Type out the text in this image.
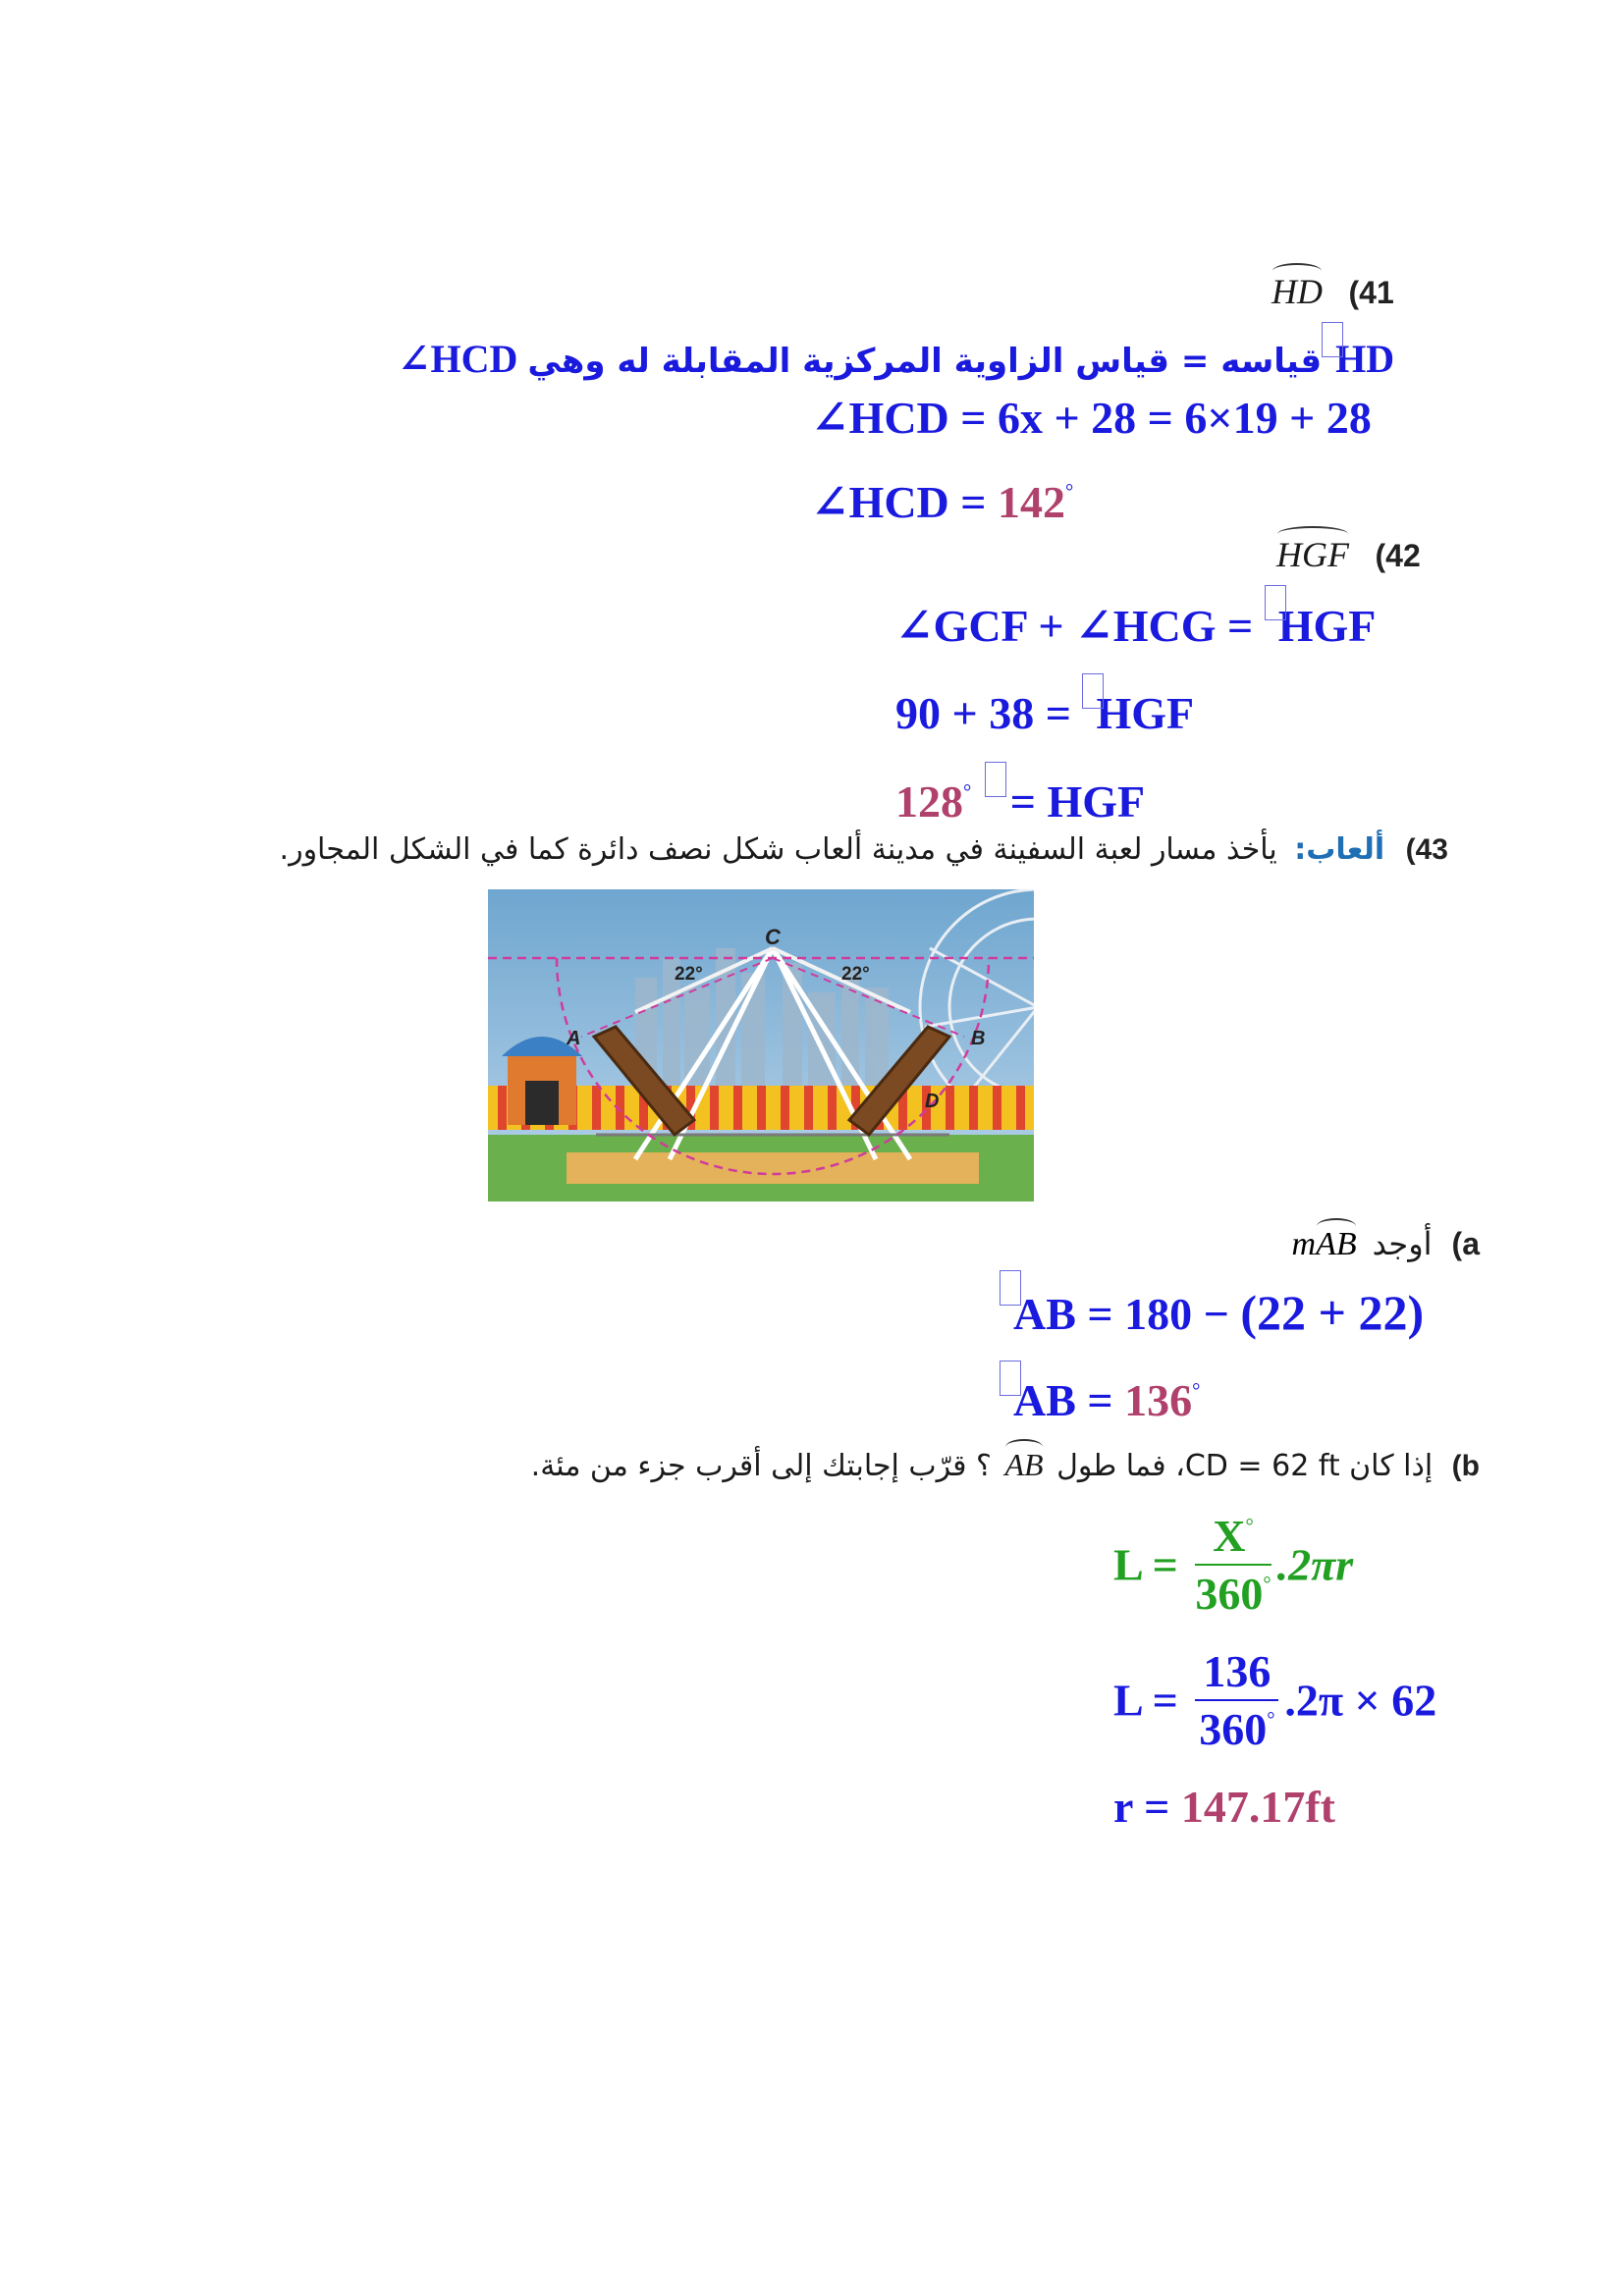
HD (41
∠HCD قياسه = قياس الزاوية المركزية المقابلة له وهي HD
∠HCD = 6x + 28 = 6×19 + 28
∠HCD = 142°
HGF (42
∠GCF + ∠HCG = HGF
90 + 38 = HGF
128° = HGF
43) ألعاب: يأخذ مسار لعبة السفينة في مدينة ألعاب شكل نصف دائرة كما في الشكل المجاور.
C
A	B
D
22°	22°
a) أوجد mAB
AB = 180 − (22 + 22)
AB = 136°
b) إذا كان CD = 62 ft، فما طول AB ؟ قرّب إجابتك إلى أقرب جزء من مئة.
$L = \frac{X^\circ}{360^\circ} .2\pi r$
$L = \frac{136}{360^\circ} .2\pi \times 62$
r = 147.17ft
